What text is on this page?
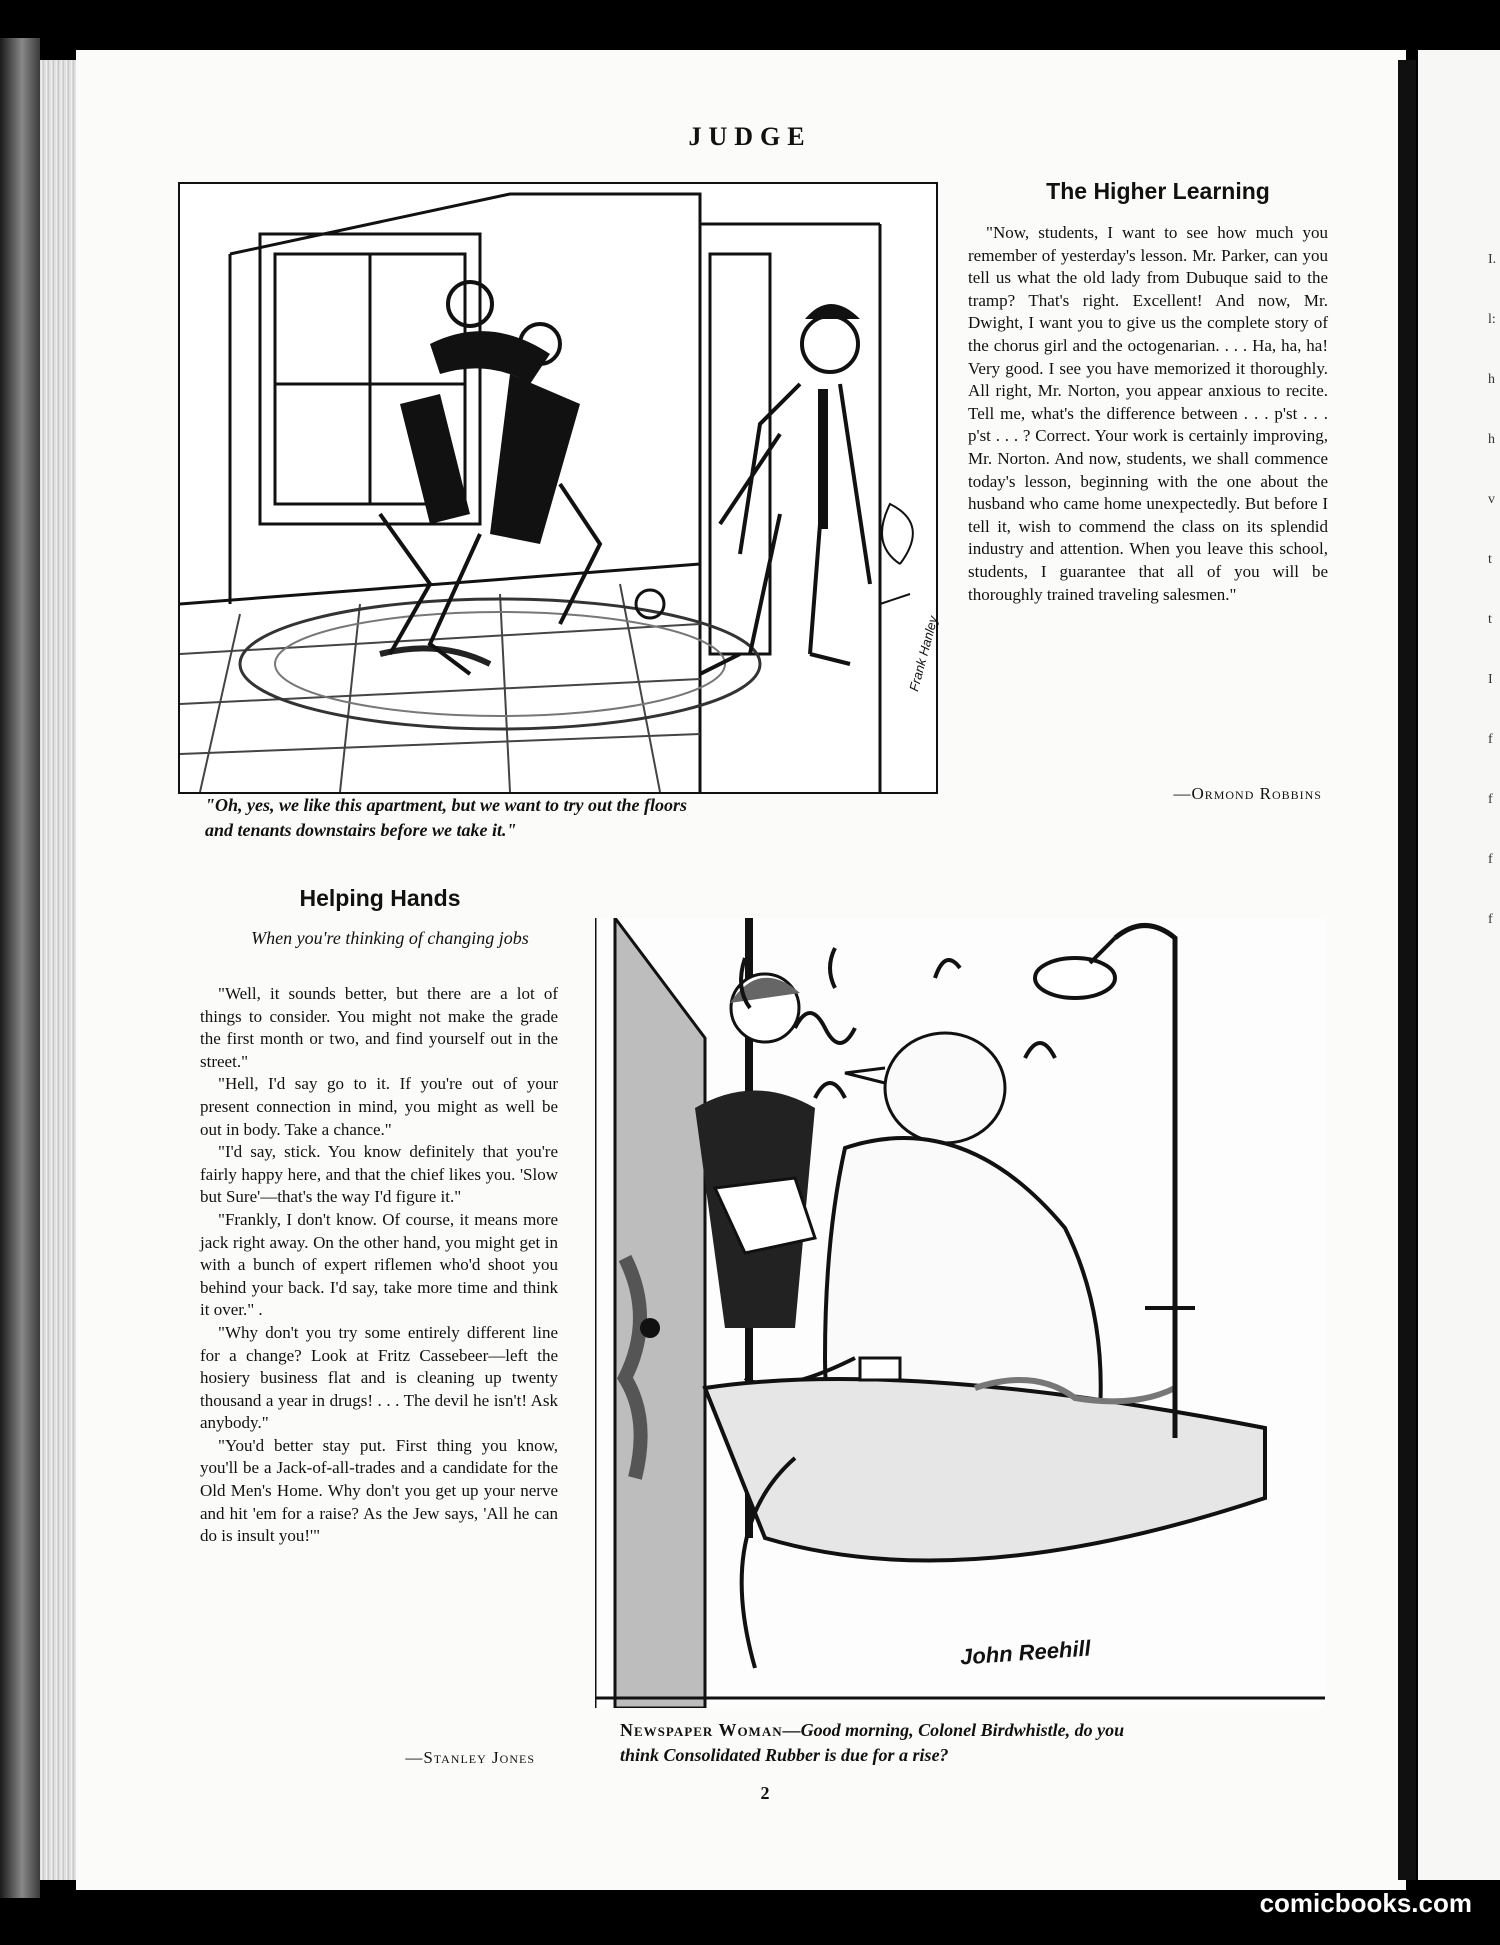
I.
l:
h
h
v
t
t
I
f
f
f
f
JUDGE
"Oh, yes, we like this apartment, but we want to try out the floors
and tenants downstairs before we take it."
The Higher Learning

"Now, students, I want to see how much you remember of yesterday's lesson. Mr. Parker, can you tell us what the old lady from Dubuque said to the tramp? That's right. Excellent! And now, Mr. Dwight, I want you to give us the complete story of the chorus girl and the octogenarian. . . . Ha, ha, ha! Very good. I see you have memorized it thoroughly. All right, Mr. Norton, you appear anxious to recite. Tell me, what's the difference between . . . p'st . . . p'st . . . ? Correct. Your work is certainly improving, Mr. Norton. And now, students, we shall commence today's lesson, beginning with the one about the husband who came home unexpectedly. But before I tell it, wish to commend the class on its splendid industry and attention. When you leave this school, students, I guarantee that all of you will be thoroughly trained traveling salesmen."

—Ormond Robbins
Helping Hands
When you're thinking of changing jobs

"Well, it sounds better, but there are a lot of things to consider. You might not make the grade the first month or two, and find yourself out in the street."

"Hell, I'd say go to it. If you're out of your present connection in mind, you might as well be out in body. Take a chance."

"I'd say, stick. You know definitely that you're fairly happy here, and that the chief likes you. 'Slow but Sure'—that's the way I'd figure it."

"Frankly, I don't know. Of course, it means more jack right away. On the other hand, you might get in with a bunch of expert riflemen who'd shoot you behind your back. I'd say, take more time and think it over." .

"Why don't you try some entirely different line for a change? Look at Fritz Cassebeer—left the hosiery business flat and is cleaning up twenty thousand a year in drugs! . . . The devil he isn't! Ask anybody."

"You'd better stay put. First thing you know, you'll be a Jack-of-all-trades and a candidate for the Old Men's Home. Why don't you get up your nerve and hit 'em for a raise? As the Jew says, 'All he can do is insult you!'"

—Stanley Jones
John Reehill
Newspaper Woman—Good morning, Colonel Birdwhistle, do you
think Consolidated Rubber is due for a rise?
Frank Hanley
2
comicbooks.com
